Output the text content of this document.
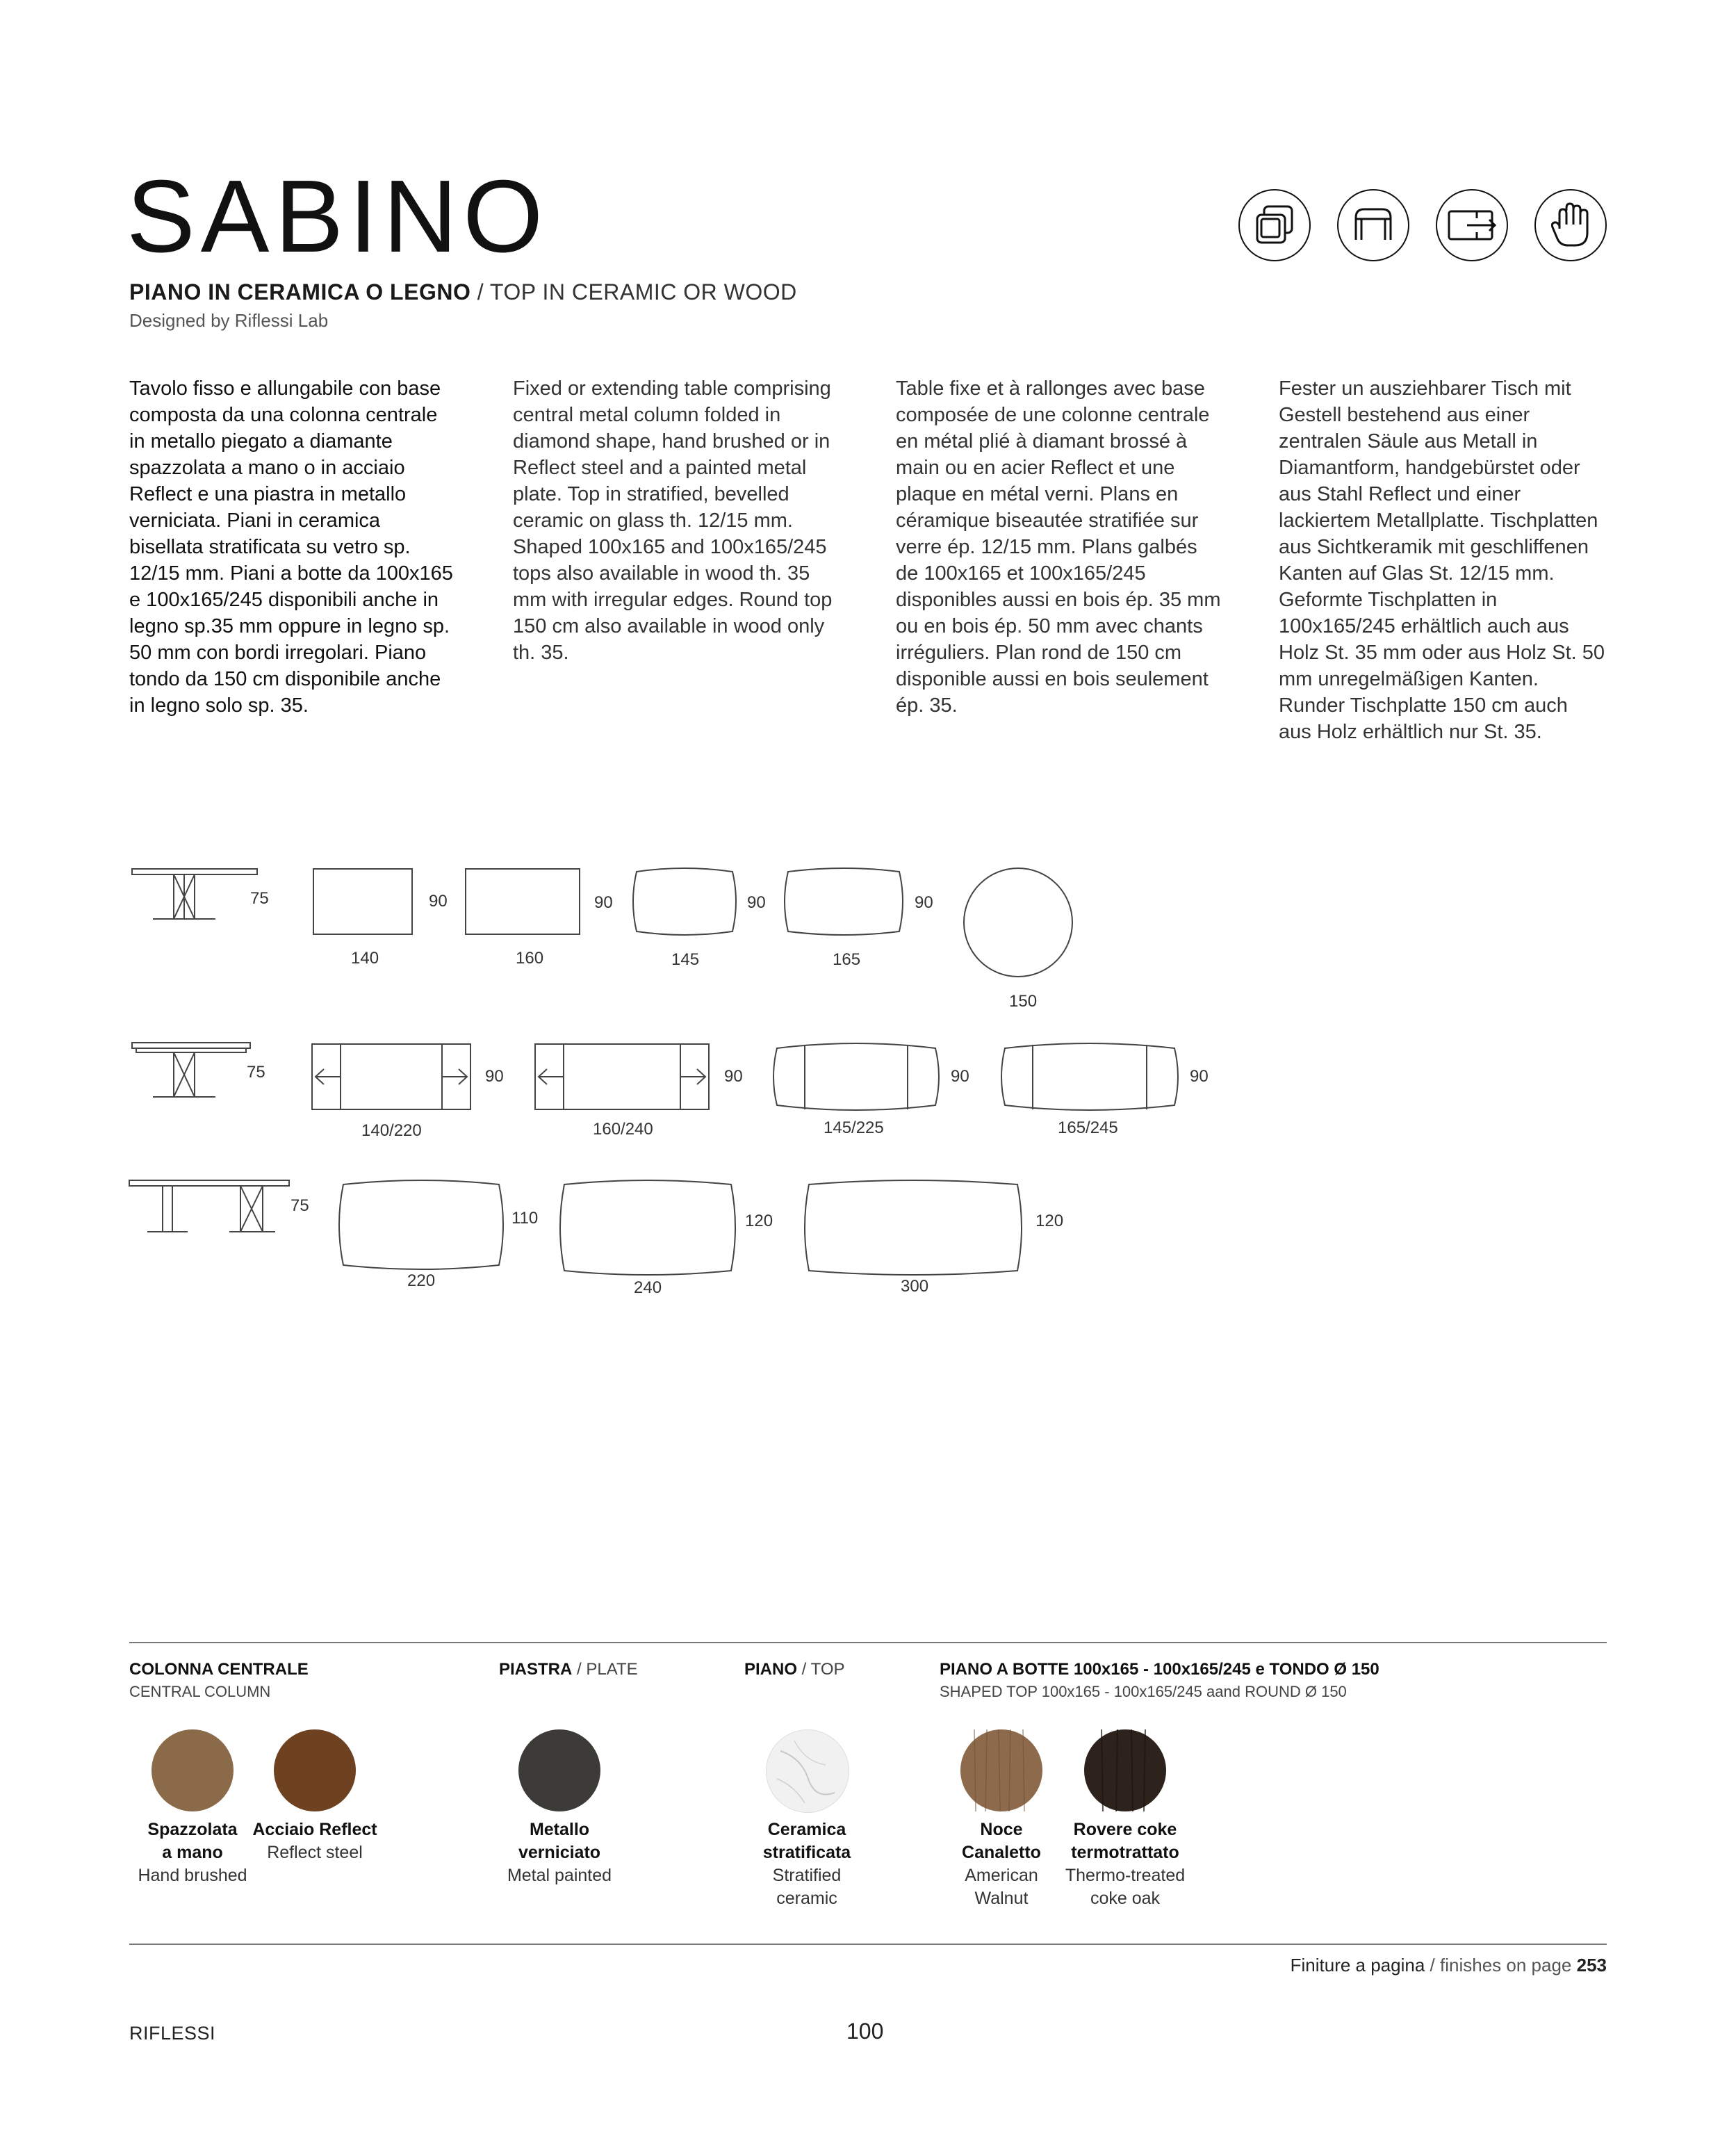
SABINO
PIANO IN CERAMICA O LEGNO / TOP IN CERAMIC OR WOOD
Designed by Riflessi Lab
Tavolo fisso e allungabile con base composta da una colonna centrale in metallo piegato a diamante spazzolata a mano o in acciaio Reflect e una piastra in metallo verniciata. Piani in ceramica bisellata stratificata su vetro sp. 12/15 mm. Piani a botte da 100x165 e 100x165/245 disponibili anche in legno sp.35 mm oppure in legno sp. 50 mm con bordi irregolari. Piano tondo da 150 cm disponibile anche in legno solo sp. 35.
Fixed or extending table comprising central metal column folded in diamond shape, hand brushed or in Reflect steel and a painted metal plate. Top in stratified, bevelled ceramic on glass th. 12/15 mm. Shaped 100x165 and 100x165/245 tops also available in wood th. 35 mm with irregular edges. Round top 150 cm also available in wood only th. 35.
Table fixe et à rallonges avec base composée de une colonne centrale en métal plié à diamant brossé à main ou en acier Reflect et une plaque en métal verni. Plans en céramique biseautée stratifiée sur verre ép. 12/15 mm. Plans galbés de 100x165 et 100x165/245 disponibles aussi en bois ép. 35 mm ou en bois ép. 50 mm avec chants irréguliers. Plan rond de 150 cm disponible aussi en bois seulement ép. 35.
Fester un ausziehbarer Tisch mit Gestell bestehend aus einer zentralen Säule aus Metall in Diamantform, handgebürstet oder aus Stahl Reflect und einer lackiertem Metallplatte. Tischplatten aus Sichtkeramik mit geschliffenen Kanten auf Glas St. 12/15 mm. Geformte Tischplatten in 100x165/245 erhältlich auch aus Holz St. 35 mm oder aus Holz St. 50 mm unregelmäßigen Kanten. Runder Tischplatte 150 cm auch aus Holz erhältlich nur St. 35.
75	90	90	90	90
140	160	145	165
150
75	90	90	90	90
140/220	160/240	145/225	165/245
75
110	120	120
220	240	300
COLONNA CENTRALE
CENTRAL COLUMN
PIASTRA / PLATE	PIANO / TOP	PIANO A BOTTE 100x165 - 100x165/245 e TONDO Ø 150
SHAPED TOP 100x165 - 100x165/245 aand ROUND Ø 150
Spazzolata
a mano
Hand brushed
Acciaio Reflect
Reflect steel
Metallo
verniciato
Metal painted
Ceramica
stratificata
Stratified
ceramic
Noce
Canaletto
American
Walnut
Rovere coke
termotrattato
Thermo-treated
coke oak
Finiture a pagina / finishes on page 253
RIFLESSI	100
